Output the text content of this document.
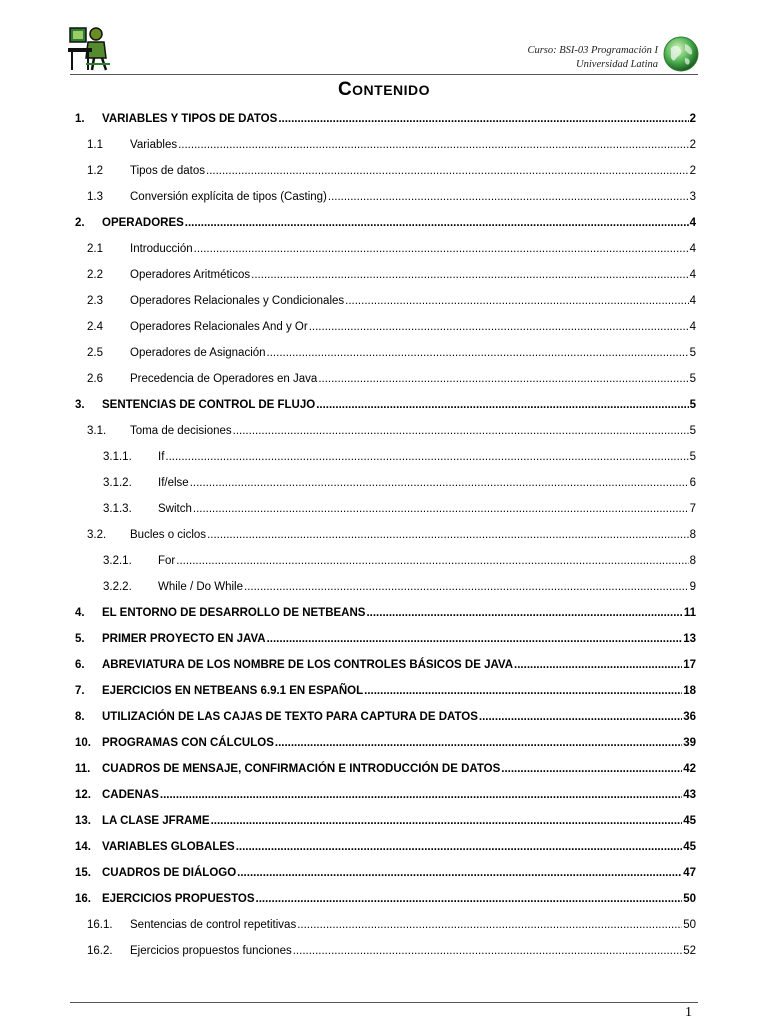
Curso: BSI-03 Programación I
Universidad Latina
CONTENIDO
1.	VARIABLES Y TIPOS DE DATOS .....	2
1.1	Variables .....	2
1.2	Tipos de datos .....	2
1.3	Conversión explícita de tipos (Casting) .....	3
2.	OPERADORES .....	4
2.1	Introducción .....	4
2.2	Operadores Aritméticos .....	4
2.3	Operadores Relacionales y Condicionales .....	4
2.4	Operadores Relacionales And y Or .....	4
2.5	Operadores de Asignación .....	5
2.6	Precedencia de Operadores en Java .....	5
3.	SENTENCIAS DE CONTROL DE FLUJO .....	5
3.1.	Toma de decisiones .....	5
3.1.1.	If .....	5
3.1.2.	If/else .....	6
3.1.3.	Switch .....	7
3.2.	Bucles o ciclos .....	8
3.2.1.	For .....	8
3.2.2.	While / Do While .....	9
4.	EL ENTORNO DE DESARROLLO DE NETBEANS .....	11
5.	PRIMER PROYECTO EN JAVA .....	13
6.	ABREVIATURA DE LOS NOMBRE DE LOS CONTROLES BÁSICOS DE JAVA .....	17
7.	EJERCICIOS EN NETBEANS 6.9.1 EN ESPAÑOL .....	18
8.	UTILIZACIÓN DE LAS CAJAS DE TEXTO PARA CAPTURA DE DATOS .....	36
10. PROGRAMAS CON CÁLCULOS .....	39
11.	CUADROS DE MENSAJE, CONFIRMACIÓN E INTRODUCCIÓN DE DATOS .....	42
12. CADENAS .....	43
13. LA CLASE JFRAME .....	45
14. VARIABLES GLOBALES .....	45
15. CUADROS DE DIÁLOGO .....	47
16. EJERCICIOS PROPUESTOS .....	50
16.1.	Sentencias de control repetitivas .....	50
16.2.	Ejercicios propuestos funciones .....	52
1
